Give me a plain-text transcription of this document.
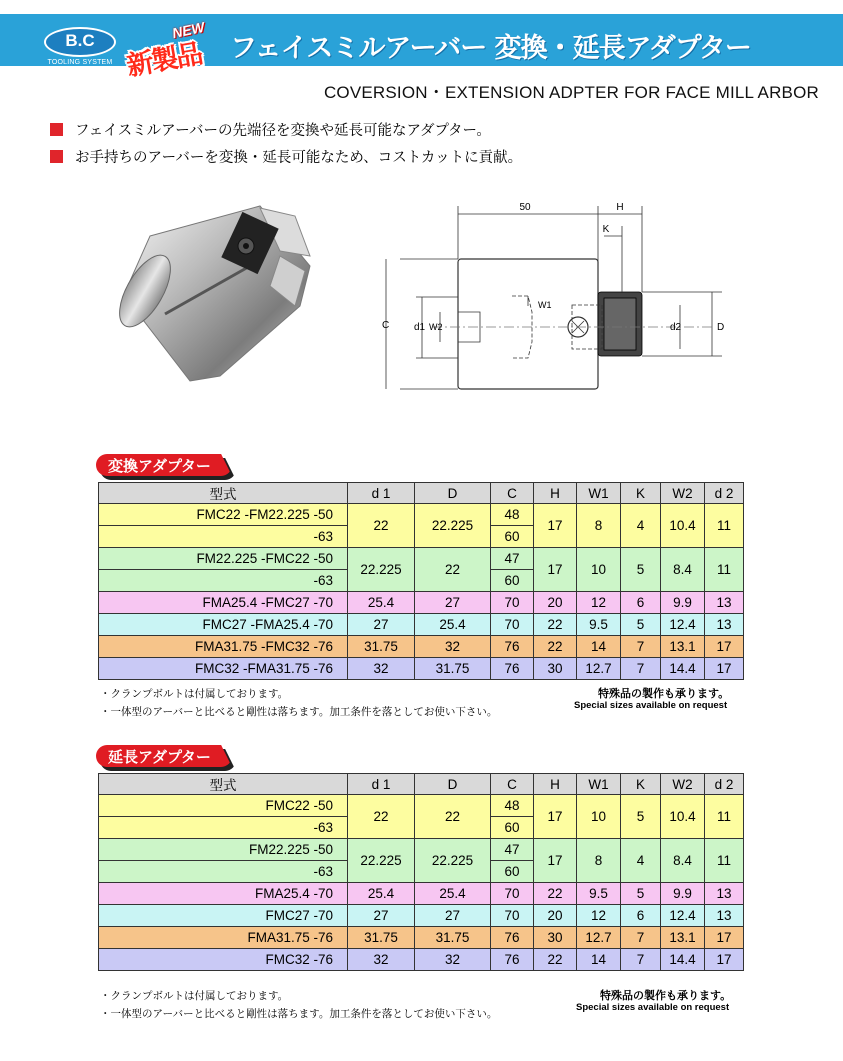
B.C
TOOLING SYSTEM
NEW
新製品 フェイスミルアーバー 変換・延長アダプター
COVERSION・EXTENSION ADPTER FOR FACE MILL ARBOR
フェイスミルアーバーの先端径を変換や延長可能なアダプター。
お手持ちのアーバーを変換・延長可能なため、コストカットに貢献。
50	H
K
C d1 W2
W1
d2	D
変換アダプター
型式	d 1	D	C	H	W1	K	W2	d 2
FMC22 -FM22.225 -50	22	22.225	48	17	8	4	10.4	11
-63			60					
FM22.225 -FMC22 -50	22.225	22	47	17	10	5	8.4	11
-63			60					
FMA25.4 -FMC27 -70	25.4	27	70	20	12	6	9.9	13
FMC27 -FMA25.4 -70	27	25.4	70	22	9.5	5	12.4	13
FMA31.75 -FMC32 -76	31.75	32	76	22	14	7	13.1	17
FMC32 -FMA31.75 -76	32	31.75	76	30	12.7	7	14.4	17
・クランプボルトは付属しております。
・一体型のアーバーと比べると剛性は落ちます。加工条件を落としてお使い下さい。
特殊品の製作も承ります。
Special sizes available on request
延長アダプター
型式	d 1	D	C	H	W1	K	W2	d 2
FMC22 -50	22	22	48	17	10	5	10.4	11
-63			60					
FM22.225 -50	22.225	22.225	47	17	8	4	8.4	11
-63			60					
FMA25.4 -70	25.4	25.4	70	22	9.5	5	9.9	13
FMC27 -70	27	27	70	20	12	6	12.4	13
FMA31.75 -76	31.75	31.75	76	30	12.7	7	13.1	17
FMC32 -76	32	32	76	22	14	7	14.4	17
・クランプボルトは付属しております。
・一体型のアーバーと比べると剛性は落ちます。加工条件を落としてお使い下さい。
特殊品の製作も承ります。
Special sizes available on request
